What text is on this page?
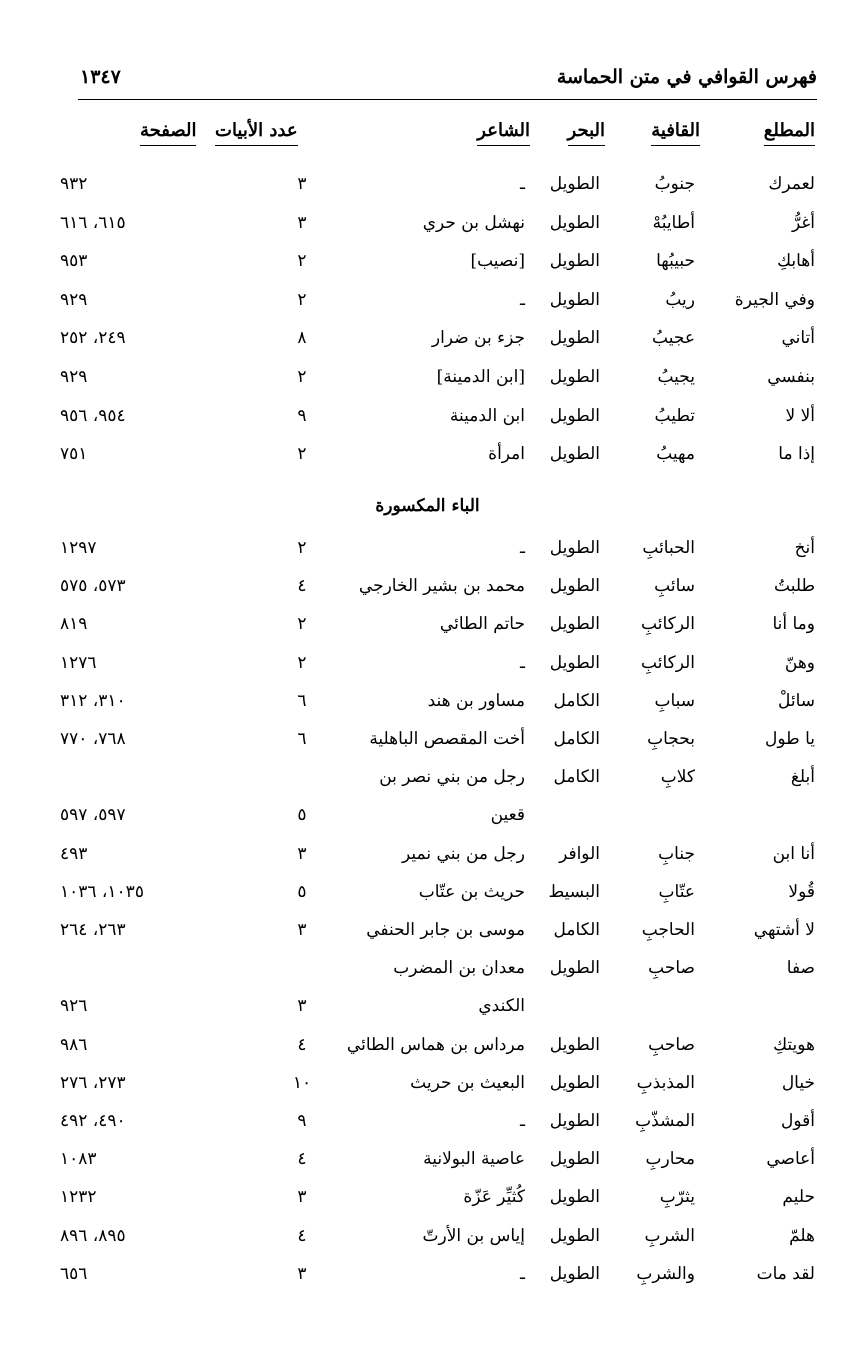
فهرس القوافي في متن الحماسة
١٣٤٧
المطلع
القافية
البحر
الشاعر
عدد الأبيات
الصفحة
لعمرك
جنوبُ
الطويل
ـ
٣
٩٣٢
أغرُّ
أطايبُهْ
الطويل
نهشل بن حري
٣
٦١٥، ٦١٦
أهابكِ
حبيبُها
الطويل
[نصيب]
٢
٩٥٣
وفي الجيرة
ريبُ
الطويل
ـ
٢
٩٢٩
أتاني
عجيبُ
الطويل
جزء بن ضرار
٨
٢٤٩، ٢٥٢
بنفسي
يجيبُ
الطويل
[ابن الدمينة]
٢
٩٢٩
ألا لا
تطيبُ
الطويل
ابن الدمينة
٩
٩٥٤، ٩٥٦
إذا ما
مهيبُ
الطويل
امرأة
٢
٧٥١
الباء المكسورة
أنخ
الحبائبِ
الطويل
ـ
٢
١٢٩٧
طلبتُ
سائبِ
الطويل
محمد بن بشير الخارجي
٤
٥٧٣، ٥٧٥
وما أنا
الركائبِ
الطويل
حاتم الطائي
٢
٨١٩
وهنّ
الركائبِ
الطويل
ـ
٢
١٢٧٦
سائلْ
سبابِ
الكامل
مساور بن هند
٦
٣١٠، ٣١٢
يا طول
بحجابِ
الكامل
أخت المقصص الباهلية
٦
٧٦٨، ٧٧٠
أبلغ
كلابِ
الكامل
رجل من بني نصر بن
قعين
٥
٥٩٧، ٥٩٧
أنا ابن
جنابِ
الوافر
رجل من بني نمير
٣
٤٩٣
قُولا
عتّابِ
البسيط
حريث بن عتّاب
٥
١٠٣٥، ١٠٣٦
لا أشتهي
الحاجبِ
الكامل
موسى بن جابر الحنفي
٣
٢٦٣، ٢٦٤
صفا
صاحبِ
الطويل
معدان بن المضرب
الكندي
٣
٩٢٦
هويتكِ
صاحبِ
الطويل
مرداس بن هماس الطائي
٤
٩٨٦
خيال
المذبذبِ
الطويل
البعيث بن حريث
١٠
٢٧٣، ٢٧٦
أقول
المشذّبِ
الطويل
ـ
٩
٤٩٠، ٤٩٢
أعاصي
محاربِ
الطويل
عاصية البولانية
٤
١٠٨٣
حليم
يثرّبِ
الطويل
كُثيِّر عَزّة
٣
١٢٣٢
هلمّ
الشربِ
الطويل
إياس بن الأرتّ
٤
٨٩٥، ٨٩٦
لقد مات
والشربِ
الطويل
ـ
٣
٦٥٦
